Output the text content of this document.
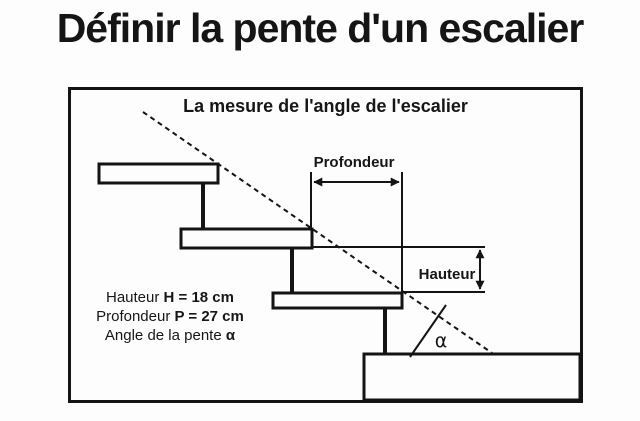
Définir la pente d'un escalier
La mesure de l'angle de l'escalier
α
Profondeur
Hauteur
Hauteur H = 18 cm
Profondeur P = 27 cm
Angle de la pente α
